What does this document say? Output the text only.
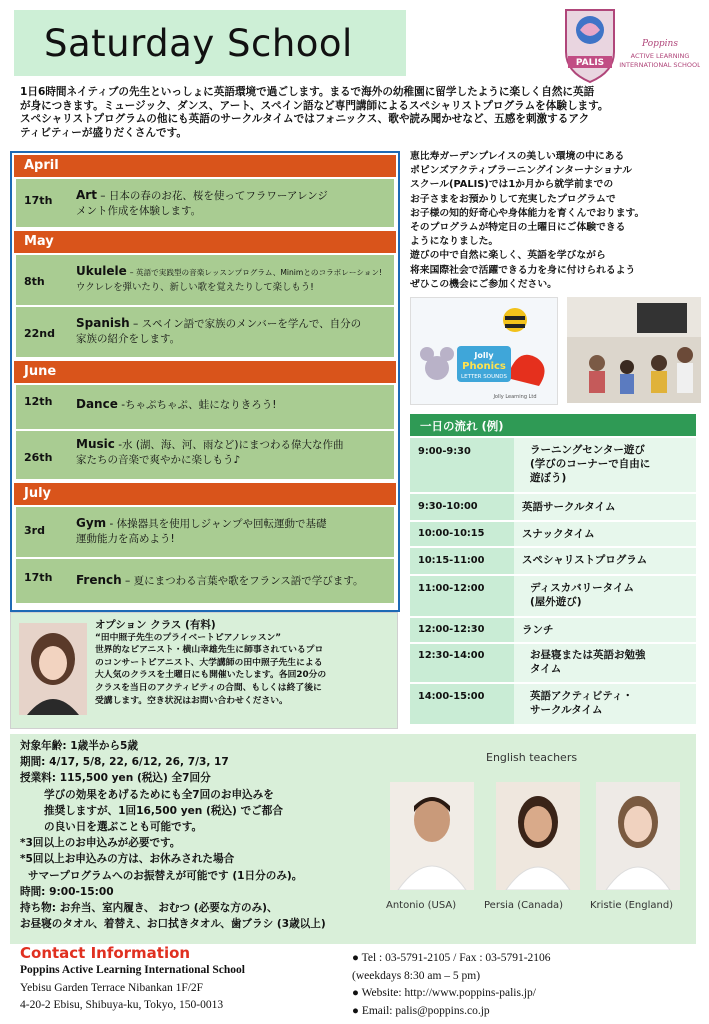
Saturday School	PALIS
Poppins
ACTIVE LEARNING
INTERNATIONAL SCHOOL
1日6時間ネイティブの先生といっしょに英語環境で過ごします。まるで海外の幼稚園に留学したように楽しく自然に英語
が身につきます。ミュージック、ダンス、アート、スペイン語など専門講師によるスペシャリストプログラムを体験します。
スペシャリストプログラムの他にも英語のサークルタイムではフォニックス、歌や読み聞かせなど、五感を刺激するアク
ティビティーが盛りだくさんです。
April
17th Art – 日本の春のお花、桜を使ってフラワーアレンジ
メント作成を体験します。
May
8th
Ukulele – 英語で実践型の音楽レッスンプログラム、Minimとのコラボレーション!
ウクレレを弾いたり、新しい歌を覚えたりして楽しもう!
22nd
Spanish – スペイン語で家族のメンバーを学んで、自分の
家族の紹介をします。
June
12th Dance -ちゃぷちゃぷ、蛙になりきろう!
26th
Music -水 (湖、海、河、雨など)にまつわる偉大な作曲
家たちの音楽で爽やかに楽しもう♪
July
3rd
Gym - 体操器具を使用しジャンプや回転運動で基礎
運動能力を高めよう!
17th French – 夏にまつわる言葉や歌をフランス語で学びます。
オプション クラス (有料)
“田中照子先生のプライベートピアノレッスン”
世界的なピアニスト・横山幸雄先生に師事されているプロ
のコンサートピアニスト、大学講師の田中照子先生による
大人気のクラスを土曜日にも開催いたします。各回20分の
クラスを当日のアクティビティの合間、もしくは終了後に
受講します。空き状況はお問い合わせください。
恵比寿ガーデンプレイスの美しい環境の中にある
ポピンズアクティブラーニングインターナショナル
スクール(PALIS)では1か月から就学前までの
お子さまをお預かりして充実したプログラムで
お子様の知的好奇心や身体能力を育くんでおります。
そのプログラムが特定日の土曜日にご体験できる
ようになりました。
遊びの中で自然に楽しく、英語を学びながら
将来国際社会で活躍できる力を身に付けられるよう
ぜひこの機会にご参加ください。
Jolly
Phonics
LETTER SOUNDS
Jolly Learning Ltd
一日の流れ (例)
9:00-9:30	ラーニングセンター遊び

(学びのコーナーで自由に

遊ぼう)
9:30-10:00	英語サークルタイム
10:00-10:15	スナックタイム
10:15-11:00	スペシャリストプログラム
11:00-12:00	ディスカバリータイム

(屋外遊び)
12:00-12:30	ランチ
12:30-14:00	お昼寝または英語お勉強

タイム
14:00-15:00	英語アクティビティ・

サークルタイム
対象年齢: 1歳半から5歳
期間: 4/17, 5/8, 22, 6/12, 26, 7/3, 17
授業料: 115,500 yen (税込) 全7回分
学びの効果をあげるためにも全7回のお申込みを
推奨しますが、1回16,500 yen (税込) でご都合
の良い日を選ぶことも可能です。
*3回以上のお申込みが必要です。
*5回以上お申込みの方は、お休みされた場合
サマープログラムへのお振替えが可能です (1日分のみ)。
時間: 9:00-15:00
持ち物: お弁当、室内履き、 おむつ (必要な方のみ)、
お昼寝のタオル、着替え、お口拭きタオル、歯ブラシ (3歳以上)
English teachers
Antonio (USA)	Persia (Canada)	Kristie (England)
Contact Information
Poppins Active Learning International School
Yebisu Garden Terrace Nibankan 1F/2F
4-20-2 Ebisu, Shibuya-ku, Tokyo, 150-0013
● Tel : 03-5791-2105 / Fax : 03-5791-2106
(weekdays 8:30 am – 5 pm)
● Website: http://www.poppins-palis.jp/
● Email: palis@poppins.co.jp
